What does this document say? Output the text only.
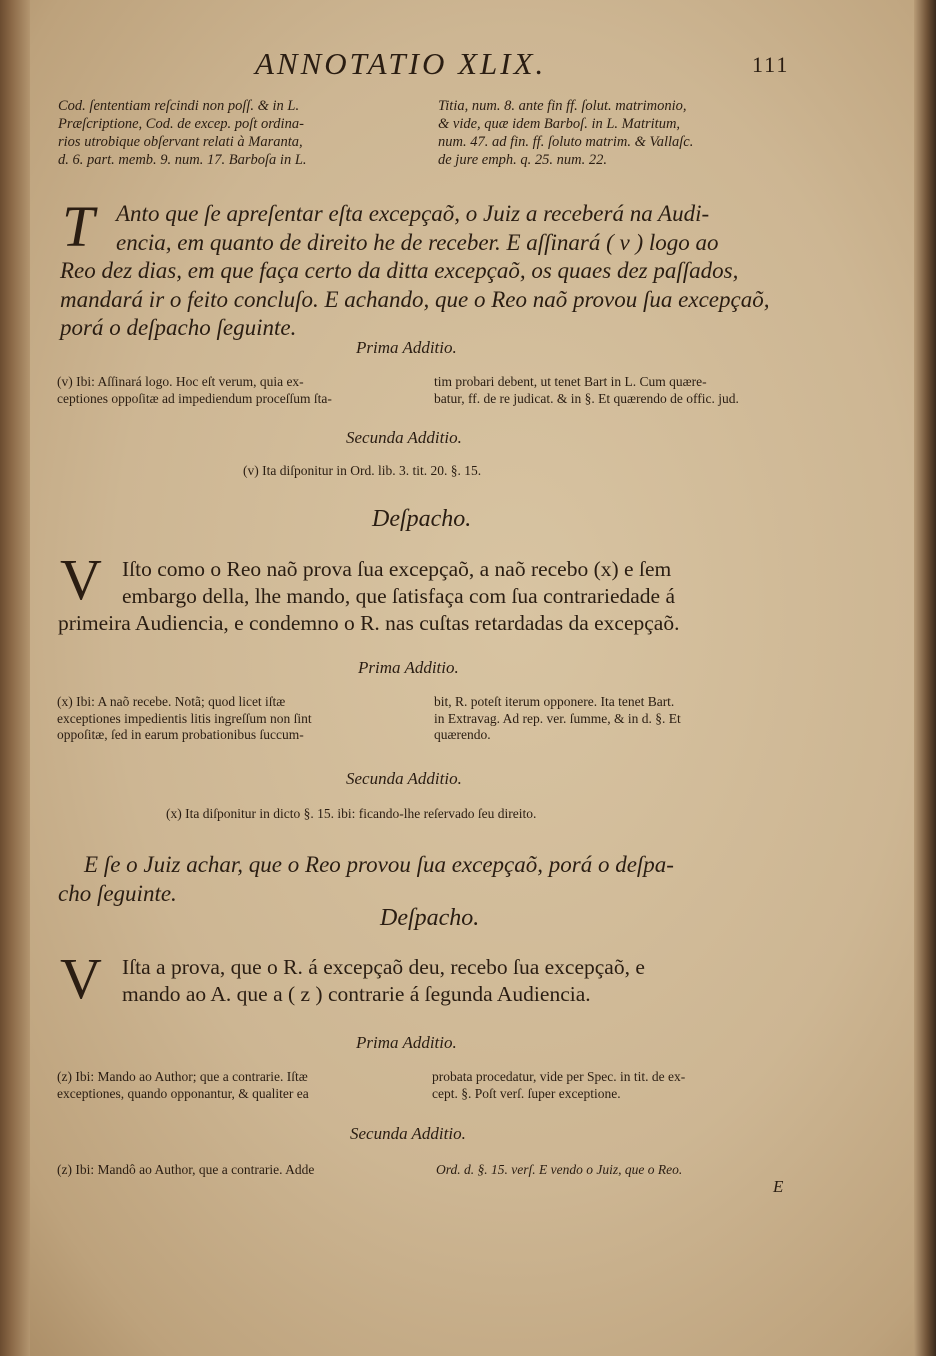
ANNOTATIO XLIX.	111
Cod. ſententiam reſcindi non poſſ. & in L.
Præſcriptione, Cod. de excep. poſt ordina-
rios utrobique obſervant relati à Maranta,
d. 6. part. memb. 9. num. 17. Barboſa in L.
Titia, num. 8. ante fin ff. ſolut. matrimonio,
& vide, quæ idem Barboſ. in L. Matritum,
num. 47. ad fin. ff. ſoluto matrim. & Vallaſc.
de jure emph. q. 25. num. 22.
T Anto que ſe apreſentar eſta excepçaõ, o Juiz a receberá na Audi-
encia, em quanto de direito he de receber. E aſſinará ( v ) logo ao
Reo dez dias, em que faça certo da ditta excepçaõ, os quaes dez paſſados,
mandará ir o feito concluſo. E achando, que o Reo naõ provou ſua excepçaõ,
porá o deſpacho ſeguinte.
Prima Additio.
(v) Ibi: Aſſinará logo. Hoc eſt verum, quia ex-
ceptiones oppoſitæ ad impediendum proceſſum ſta-
tim probari debent, ut tenet Bart in L. Cum quære-
batur, ff. de re judicat. & in §. Et quærendo de offic. jud.
Secunda Additio.
(v) Ita diſponitur in Ord. lib. 3. tit. 20. §. 15.
Deſpacho.
V Iſto como o Reo naõ prova ſua excepçaõ, a naõ recebo (x) e ſem
embargo della, lhe mando, que ſatisfaça com ſua contrariedade á
primeira Audiencia, e condemno o R. nas cuſtas retardadas da excepçaõ.
Prima Additio.
(x) Ibi: A naõ recebe. Notã; quod licet iſtæ
exceptiones impedientis litis ingreſſum non ſint
oppoſitæ, ſed in earum probationibus ſuccum-
bit, R. poteſt iterum opponere. Ita tenet Bart.
in Extravag. Ad rep. ver. ſumme, & in d. §. Et
quærendo.
Secunda Additio.
(x) Ita diſponitur in dicto §. 15. ibi: ficando-lhe reſervado ſeu direito.
E ſe o Juiz achar, que o Reo provou ſua excepçaõ, porá o deſpa-
cho ſeguinte.
Deſpacho.
V Iſta a prova, que o R. á excepçaõ deu, recebo ſua excepçaõ, e
mando ao A. que a ( z ) contrarie á ſegunda Audiencia.
Prima Additio.
(z) Ibi: Mando ao Author; que a contrarie. Iſtæ
exceptiones, quando opponantur, & qualiter ea
probata procedatur, vide per Spec. in tit. de ex-
cept. §. Poſt verſ. ſuper exceptione.
Secunda Additio.
(z) Ibi: Mandô ao Author, que a contrarie. Adde	Ord. d. §. 15. verſ. E vendo o Juiz, que o Reo.
E
